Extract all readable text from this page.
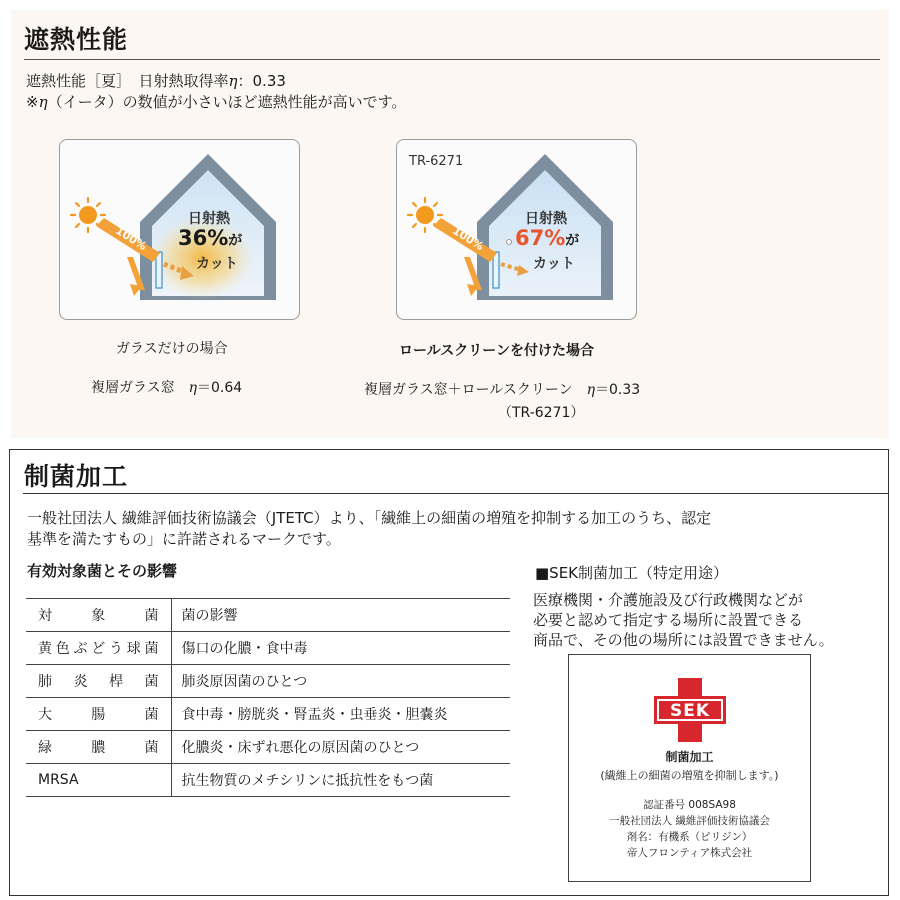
遮熱性能
遮熱性能［夏］　日射熱取得率η：0.33
※η（イータ）の数値が小さいほど遮熱性能が高いです。
100%
日射熱
36%が
カット
TR-6271
100%
日射熱
67%が
カット
ガラスだけの場合	ロールスクリーンを付けた場合
複層ガラス窓　η＝0.64	複層ガラス窓＋ロールスクリーン　η＝0.33
（TR-6271）
制菌加工
一般社団法人 繊維評価技術協議会（JTETC）より、「繊維上の細菌の増殖を抑制する加工のうち、認定
基準を満たすもの」に許諾されるマークです。
有効対象菌とその影響
対象菌	菌の影響
黄色ぶどう球菌	傷口の化膿・食中毒
肺炎桿菌	肺炎原因菌のひとつ
大腸菌	食中毒・膀胱炎・腎盂炎・虫垂炎・胆嚢炎
緑膿菌	化膿炎・床ずれ悪化の原因菌のひとつ
MRSA	抗生物質のメチシリンに抵抗性をもつ菌
■SEK制菌加工（特定用途）
医療機関・介護施設及び行政機関などが
必要と認めて指定する場所に設置できる
商品で、その他の場所には設置できません。
SEK
制菌加工
(繊維上の細菌の増殖を抑制します。)
認証番号 008SA98
一般社団法人 繊維評価技術協議会
剤名：有機系（ピリジン）
帝人フロンティア株式会社
